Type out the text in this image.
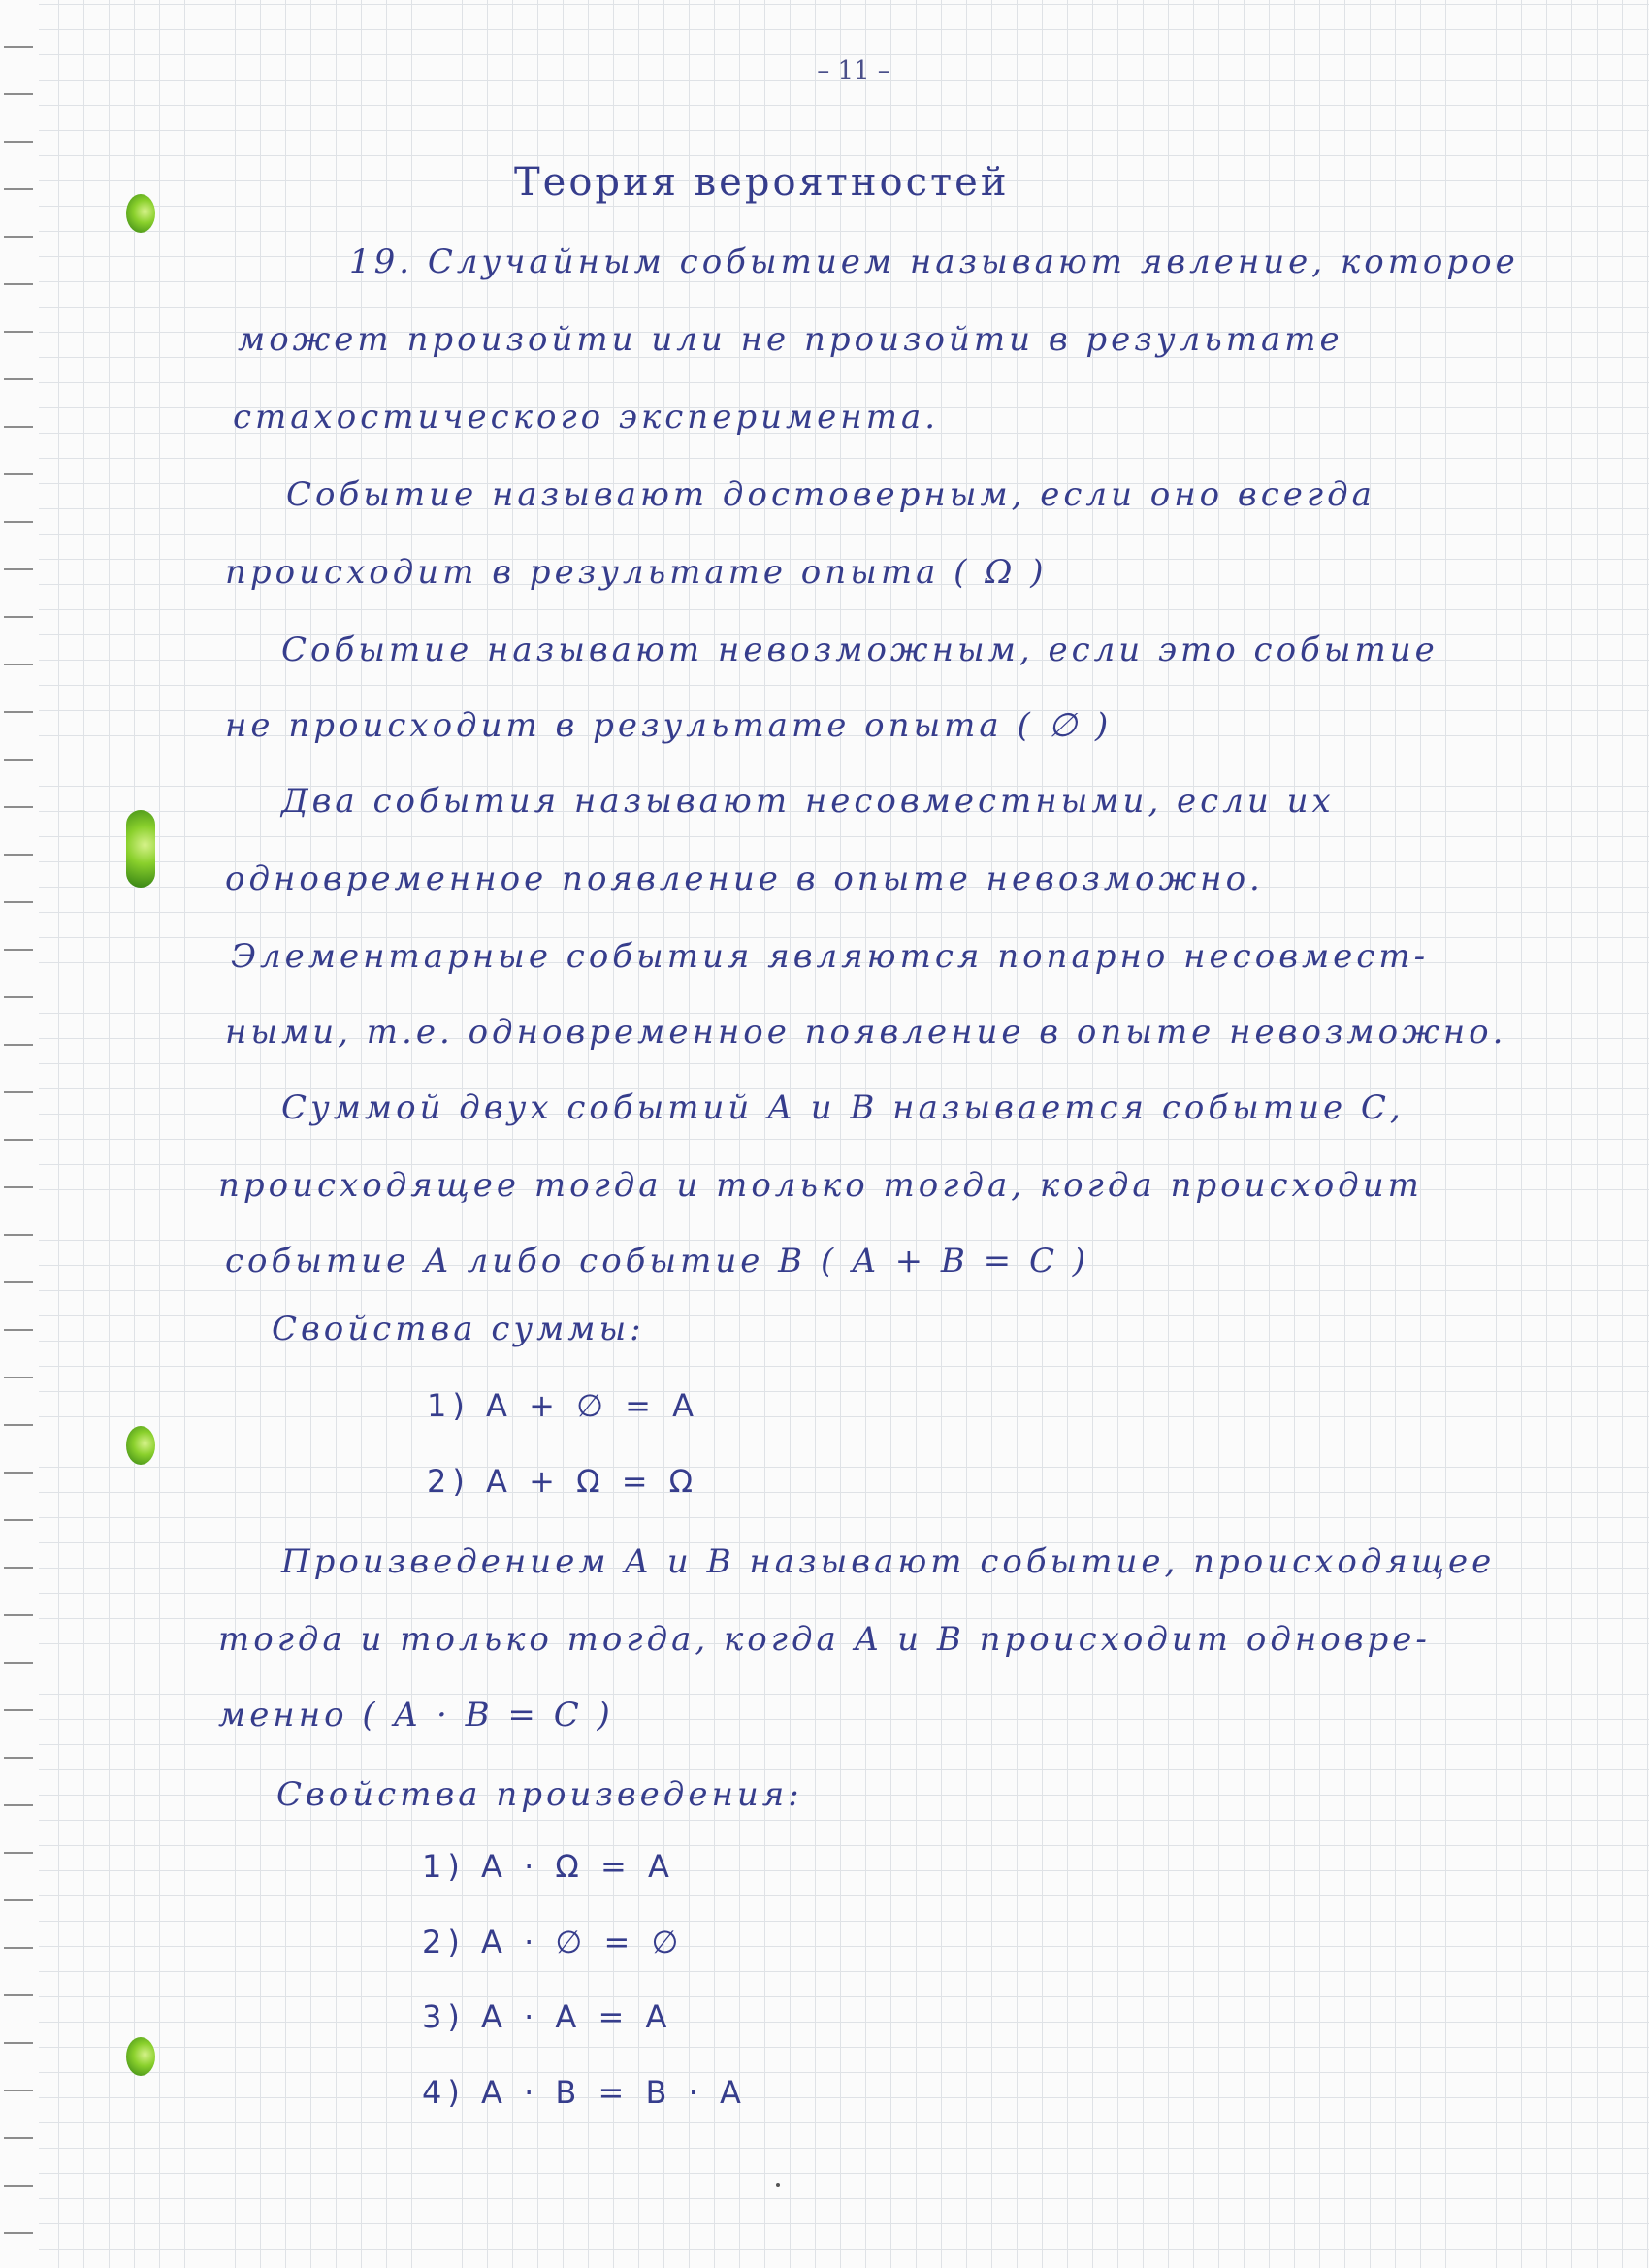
– 11 –
Теория вероятностей
19. Случайным событием называют явление, которое
может произойти или не произойти в результате
стахостического эксперимента.
Событие называют достоверным, если оно всегда
происходит в результате опыта ( Ω )
Событие называют невозможным, если это событие
не происходит в результате опыта ( ∅ )
Два события называют несовместными, если их
одновременное появление в опыте невозможно.
Элементарные события являются попарно несовмест-
ными, т.е. одновременное появление в опыте невозможно.
Суммой двух событий А и В называется событие С,
происходящее тогда и только тогда, когда происходит
событие А либо событие В ( А + В = С )
Свойства суммы:
1) А + ∅ = А
2) А + Ω = Ω
Произведением А и В называют событие, происходящее
тогда и только тогда, когда А и В происходит одновре-
менно ( А · В = С )
Свойства произведения:
1) А · Ω = А
2) А · ∅ = ∅
3) А · А = А
4) А · В = В · А
